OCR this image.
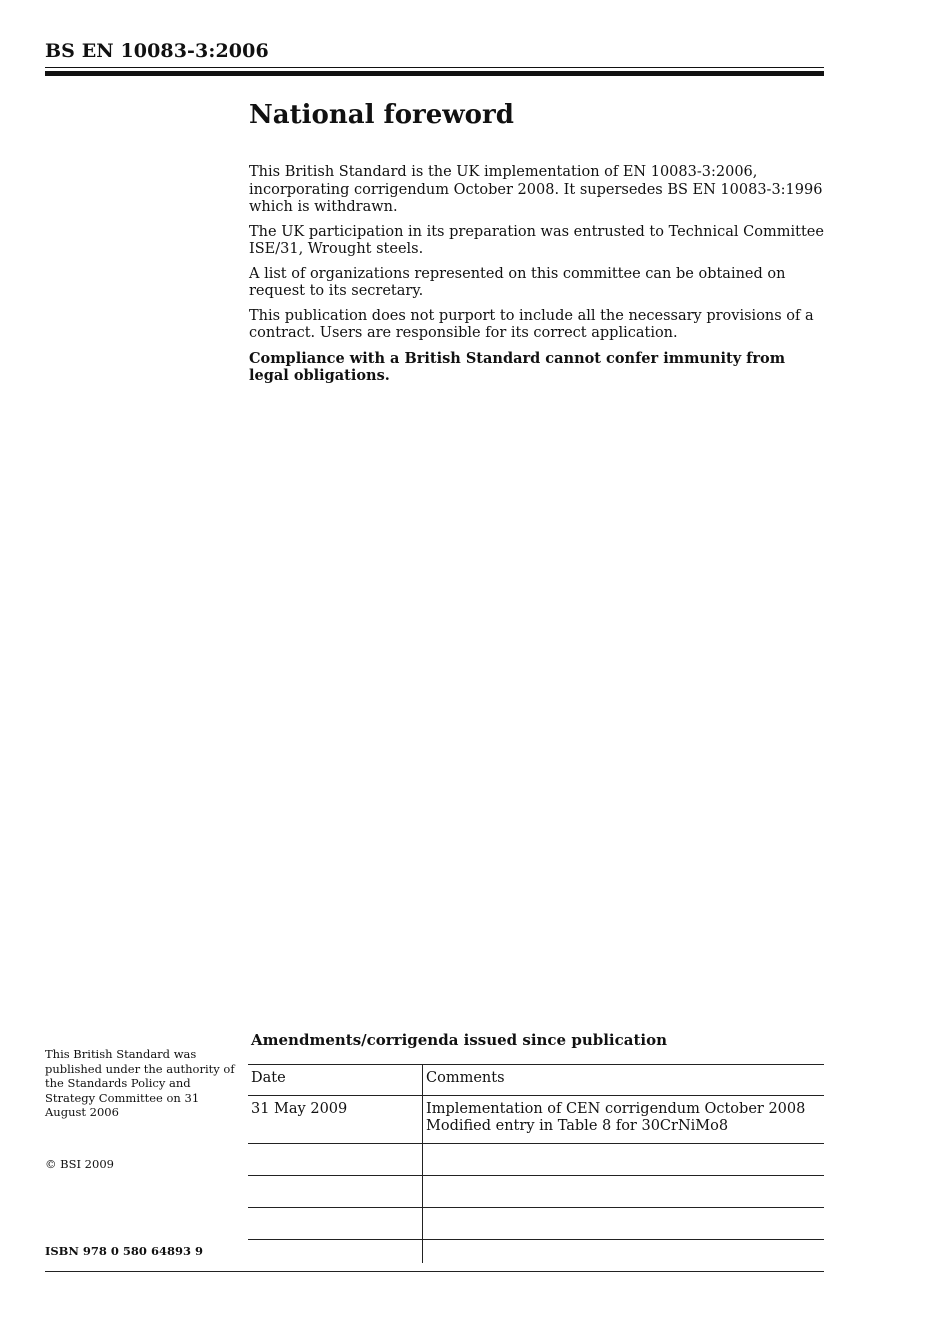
BS EN 10083-3:2006
National foreword

This British Standard is the UK implementation of EN 10083-3:2006, incorporating corrigendum October 2008. It supersedes BS EN 10083-3:1996 which is withdrawn.

The UK participation in its preparation was entrusted to Technical Committee ISE/31, Wrought steels.

A list of organizations represented on this committee can be obtained on request to its secretary.

This publication does not purport to include all the necessary provisions of a contract. Users are responsible for its correct application.

Compliance with a British Standard cannot confer immunity from legal obligations.

This British Standard was published under the authority of the Standards Policy and Strategy Committee on 31 August 2006

© BSI 2009

ISBN 978 0 580 64893 9

Amendments/corrigenda issued since publication

Date	Comments
31 May 2009	Implementation of CEN corrigendum October 2008
Modified entry in Table 8 for 30CrNiMo8
